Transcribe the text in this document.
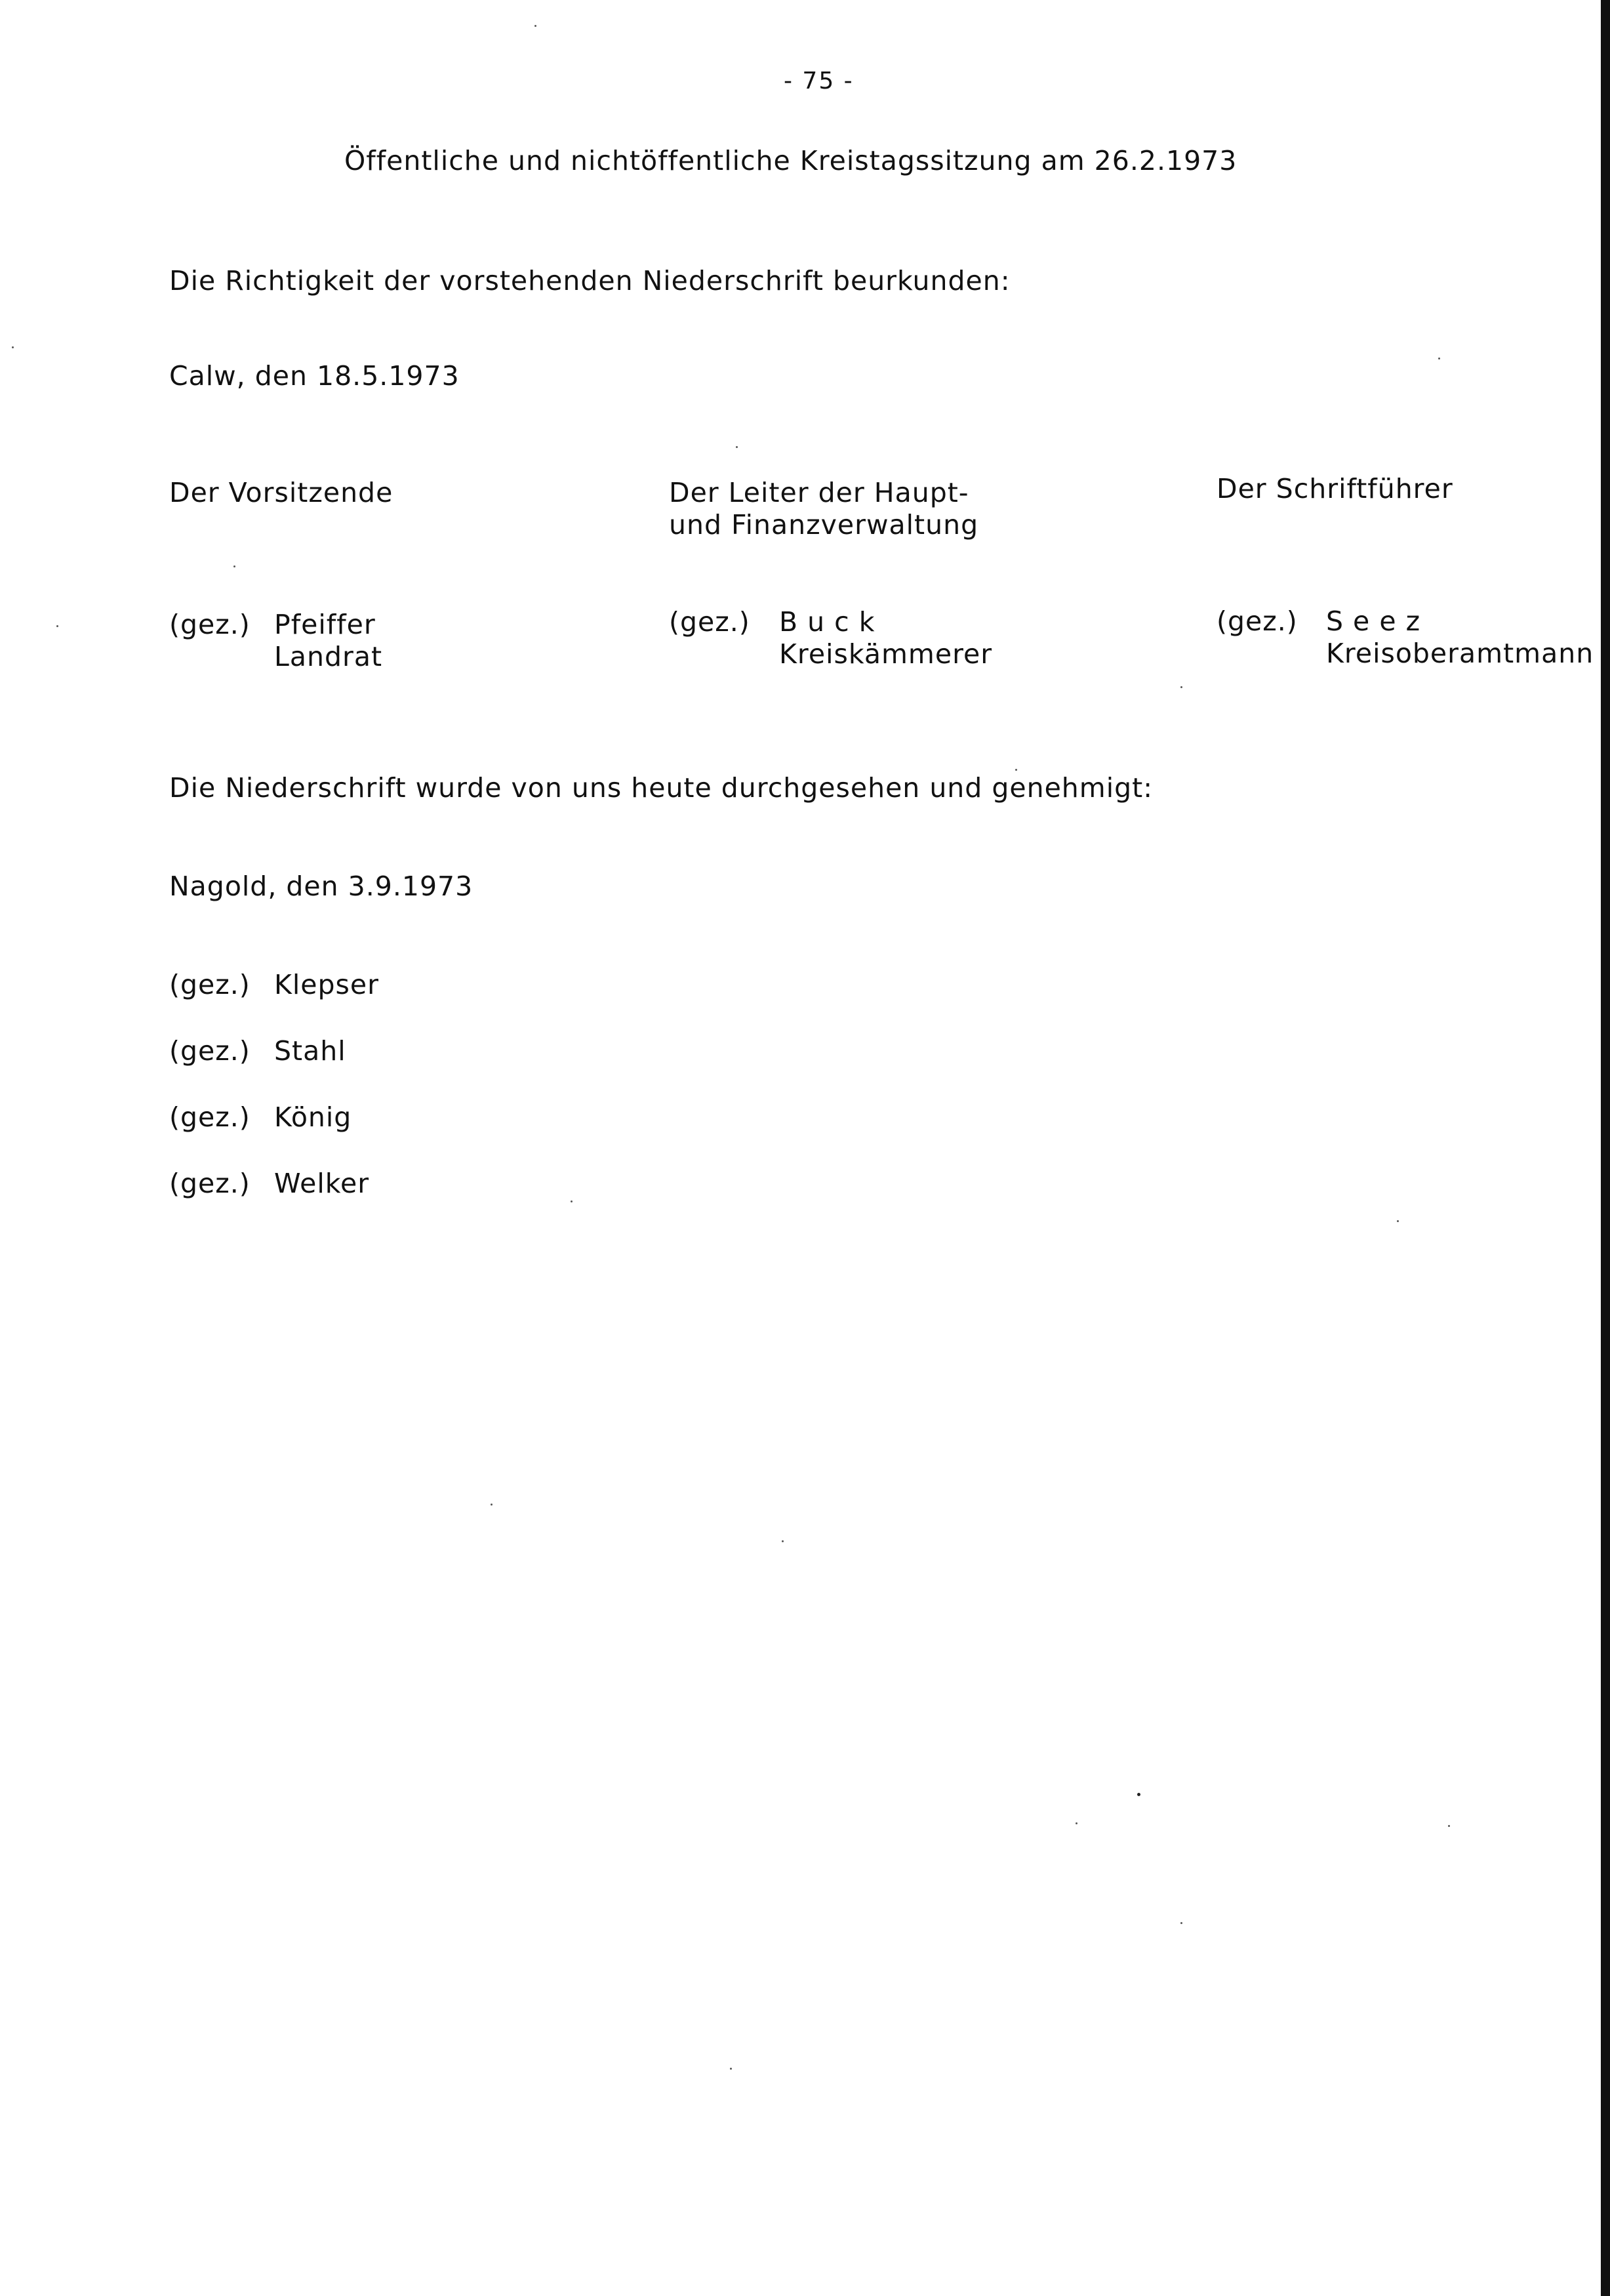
- 75 -
Öffentliche und nichtöffentliche Kreistagssitzung am 26.2.1973
Die Richtigkeit der vorstehenden Niederschrift beurkunden:
Calw, den 18.5.1973
Der Vorsitzende
(gez.) Pfeiffer
Landrat
Der Leiter der Haupt-
und Finanzverwaltung
(gez.) B u c k
Kreiskämmerer
Der Schriftführer
(gez.) S e e z
Kreisoberamtmann
Die Niederschrift wurde von uns heute durchgesehen und genehmigt:
Nagold, den 3.9.1973
(gez.) Klepser
(gez.) Stahl
(gez.) König
(gez.) Welker
